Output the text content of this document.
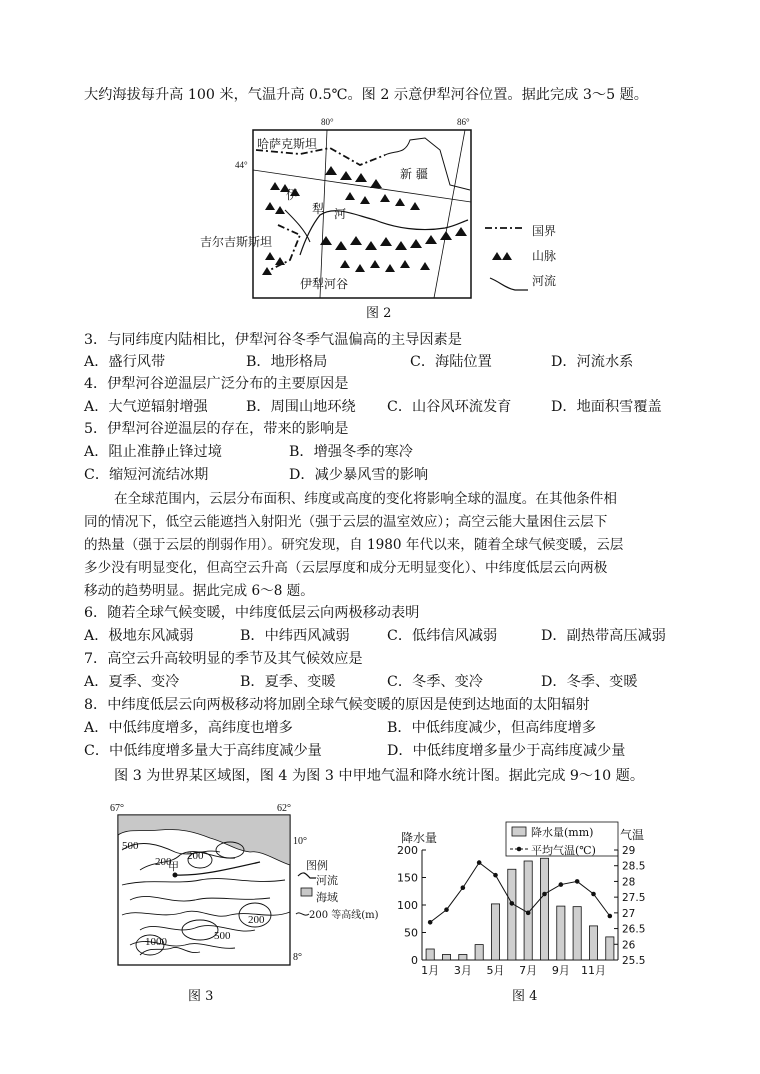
大约海拔每升高 100 米，气温升高 0.5℃。图 2 示意伊犁河谷位置。据此完成 3～5 题。
80°	86°
44°
哈萨克斯坦
新 疆
伊
犁 河
吉尔吉斯斯坦
伊犁河谷
国界
山脉
河流
图 2
3．与同纬度内陆相比，伊犁河谷冬季气温偏高的主导因素是
A．盛行风带	B．地形格局	C．海陆位置	D．河流水系
4．伊犁河谷逆温层广泛分布的主要原因是
A．大气逆辐射增强	B．周围山地环绕 C．山谷风环流发育	D．地面积雪覆盖
5．伊犁河谷逆温层的存在，带来的影响是
A．阻止准静止锋过境	B．增强冬季的寒冷
C．缩短河流结冰期	D．减少暴风雪的影响
在全球范围内，云层分布面积、纬度或高度的变化将影响全球的温度。在其他条件相
同的情况下，低空云能遮挡入射阳光（强于云层的温室效应）；高空云能大量困住云层下
的热量（强于云层的削弱作用）。研究发现，自 1980 年代以来，随着全球气候变暖，云层
多少没有明显变化，但高空云升高（云层厚度和成分无明显变化）、中纬度低层云向两极
移动的趋势明显。据此完成 6～8 题。
6．随若全球气候变暖，中纬度低层云向两极移动表明
A．极地东风减弱	B．中纬西风减弱	C．低纬信风减弱	D．副热带高压减弱
7．高空云升高较明显的季节及其气候效应是
A．夏季、变冷	B．夏季、变暖	C．冬季、变冷	D．冬季、变暖
8．中纬度低层云向两极移动将加剧全球气候变暖的原因是使到达地面的太阳辐射
A．中低纬度增多，高纬度也增多	B．中低纬度减少，但高纬度增多
C．中低纬度增多量大于高纬度减少量	D．中低纬度增多量少于高纬度减少量
图 3 为世界某区域图，图 4 为图 3 中甲地气温和降水统计图。据此完成 9～10 题。
67°	62°
10°
8°
500
200 200
200
500
1000
甲	图例
河流
海域
200 等高线(m)
图 3
200
150
100
50
0
29
28.5
28
27.5
27
26.5
26
25.5
1月 3月 5月 7月 9月 11月
降水量	气温
降水量(mm)
平均气温(℃)
图 4
